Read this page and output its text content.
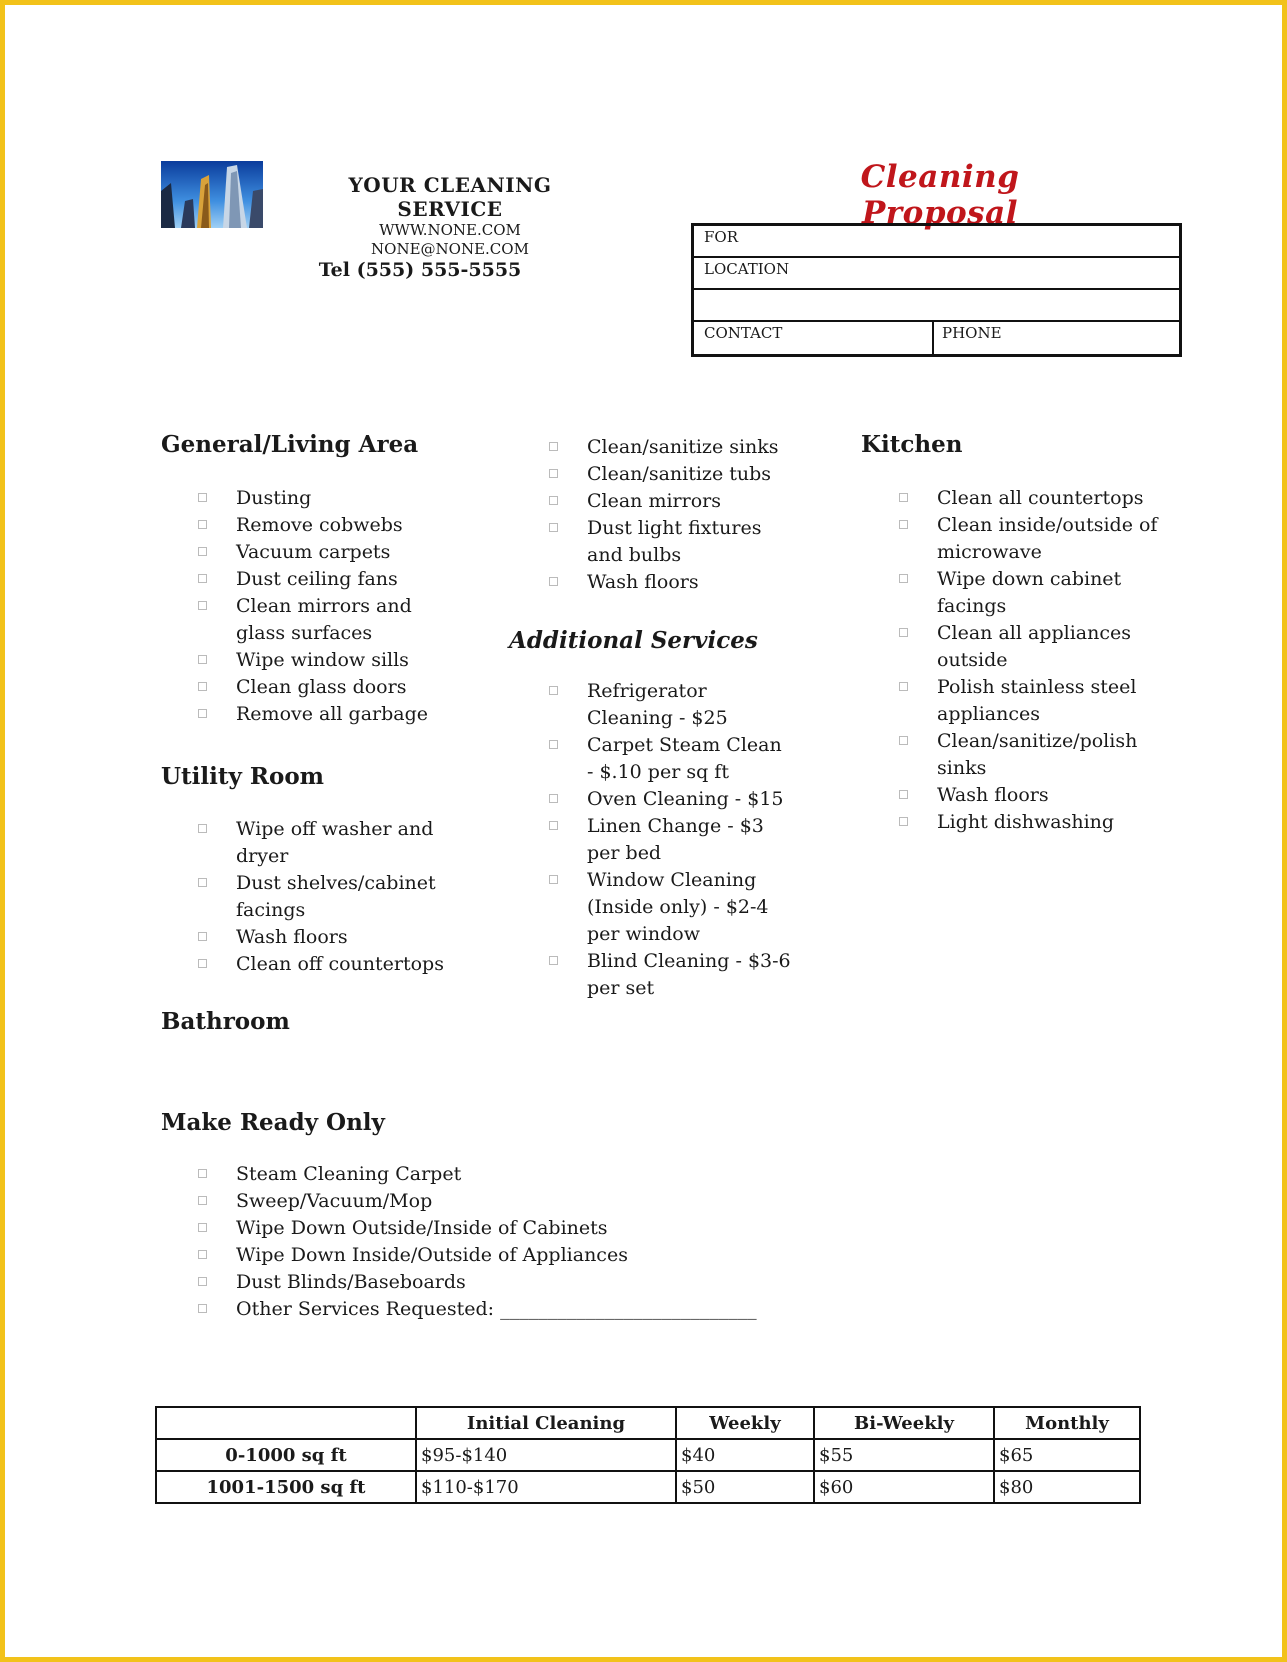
YOUR CLEANING SERVICE
WWW.NONE.COM
NONE@NONE.COM
Tel (555) 555-5555
Cleaning Proposal
FOR
LOCATION
CONTACT	PHONE
General/Living Area
Dusting
Remove cobwebs
Vacuum carpets
Dust ceiling fans
Clean mirrors and glass surfaces
Wipe window sills
Clean glass doors
Remove all garbage
Utility Room
Wipe off washer and dryer
Dust shelves/cabinet facings
Wash floors
Clean off countertops
Bathroom
Clean/sanitize sinks
Clean/sanitize tubs
Clean mirrors
Dust light fixtures and bulbs
Wash floors
Additional Services
Refrigerator Cleaning - $25
Carpet Steam Clean - $.10 per sq ft
Oven Cleaning - $15
Linen Change - $3 per bed
Window Cleaning (Inside only) - $2-4 per window
Blind Cleaning - $3-6 per set
Kitchen
Clean all countertops
Clean inside/outside of microwave
Wipe down cabinet facings
Clean all appliances outside
Polish stainless steel appliances
Clean/sanitize/polish sinks
Wash floors
Light dishwashing
Make Ready Only
Steam Cleaning Carpet
Sweep/Vacuum/Mop
Wipe Down Outside/Inside of Cabinets
Wipe Down Inside/Outside of Appliances
Dust Blinds/Baseboards
Other Services Requested: ___________________________
	Initial Cleaning	Weekly	Bi-Weekly	Monthly
0-1000 sq ft	$95-$140	$40	$55	$65
1001-1500 sq ft	$110-$170	$50	$60	$80
